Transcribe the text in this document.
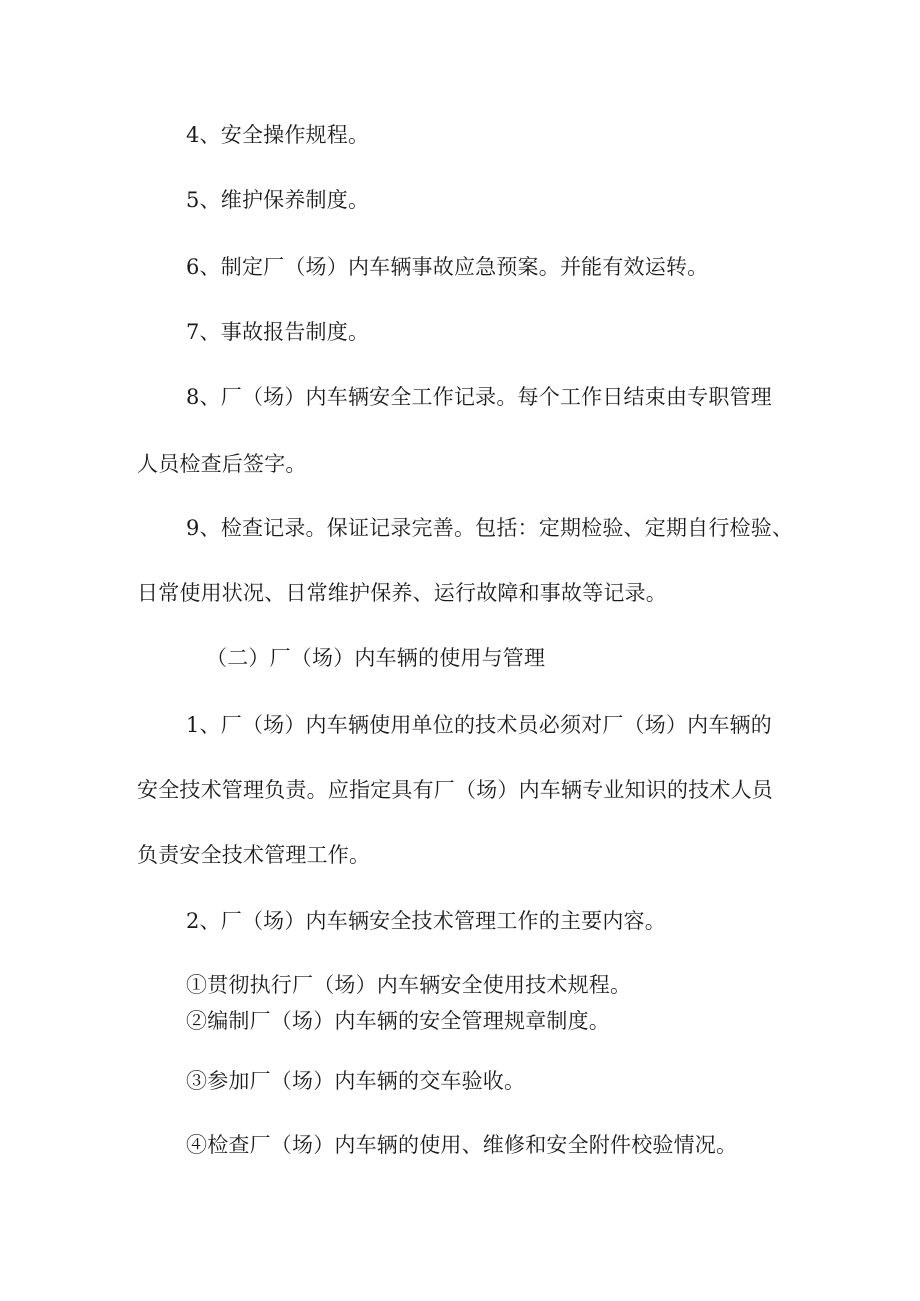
4、安全操作规程。
5、维护保养制度。
6、制定厂（场）内车辆事故应急预案。并能有效运转。
7、事故报告制度。
8、厂（场）内车辆安全工作记录。每个工作日结束由专职管理
人员检查后签字。
9、检查记录。保证记录完善。包括：定期检验、定期自行检验、
日常使用状况、日常维护保养、运行故障和事故等记录。
（二）厂（场）内车辆的使用与管理
1、厂（场）内车辆使用单位的技术员必须对厂（场）内车辆的
安全技术管理负责。应指定具有厂（场）内车辆专业知识的技术人员
负责安全技术管理工作。
2、厂（场）内车辆安全技术管理工作的主要内容。
①贯彻执行厂（场）内车辆安全使用技术规程。
②编制厂（场）内车辆的安全管理规章制度。
③参加厂（场）内车辆的交车验收。
④检查厂（场）内车辆的使用、维修和安全附件校验情况。
